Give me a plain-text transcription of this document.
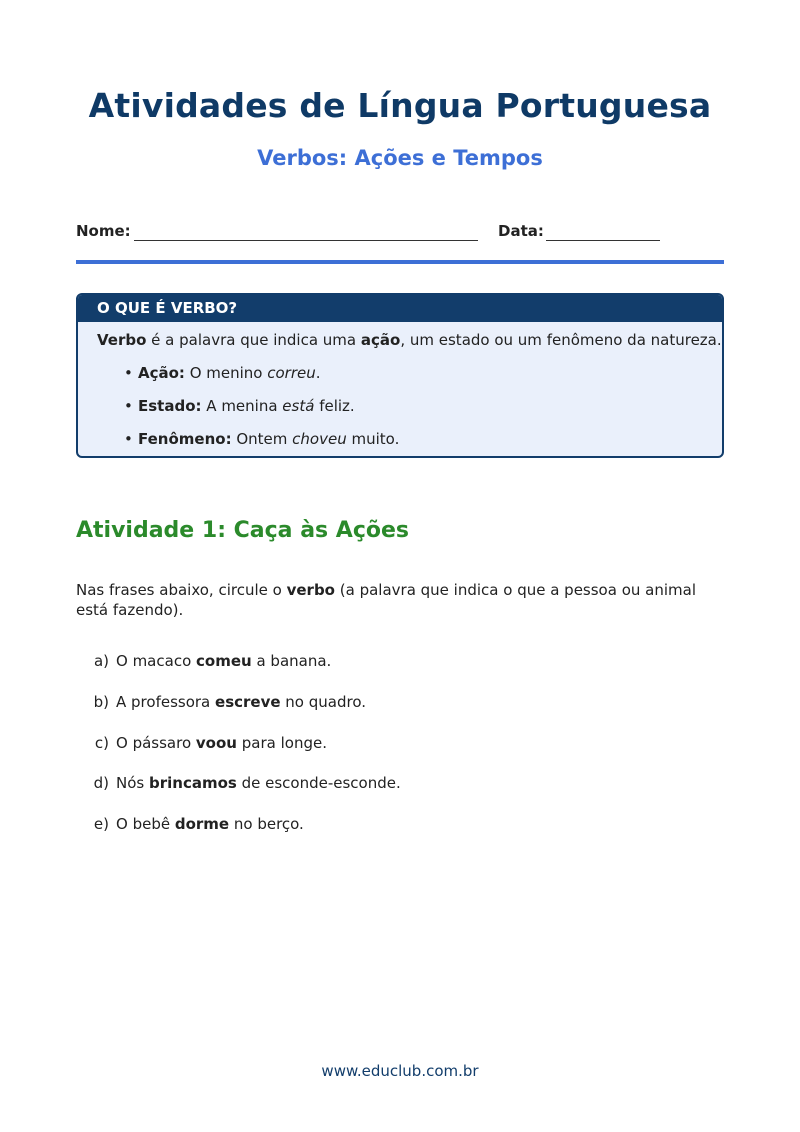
Atividades de Língua Portuguesa
Verbos: Ações e Tempos
Nome:	Data:
O QUE É VERBO?
Verbo é a palavra que indica uma ação, um estado ou um fenômeno da natureza.
• Ação: O menino correu.
• Estado: A menina está feliz.
• Fenômeno: Ontem choveu muito.
Atividade 1: Caça às Ações
Nas frases abaixo, circule o verbo (a palavra que indica o que a pessoa ou animal está fazendo).
a) O macaco comeu a banana.
b) A professora escreve no quadro.
c) O pássaro voou para longe.
d) Nós brincamos de esconde-esconde.
e) O bebê dorme no berço.
www.educlub.com.br
